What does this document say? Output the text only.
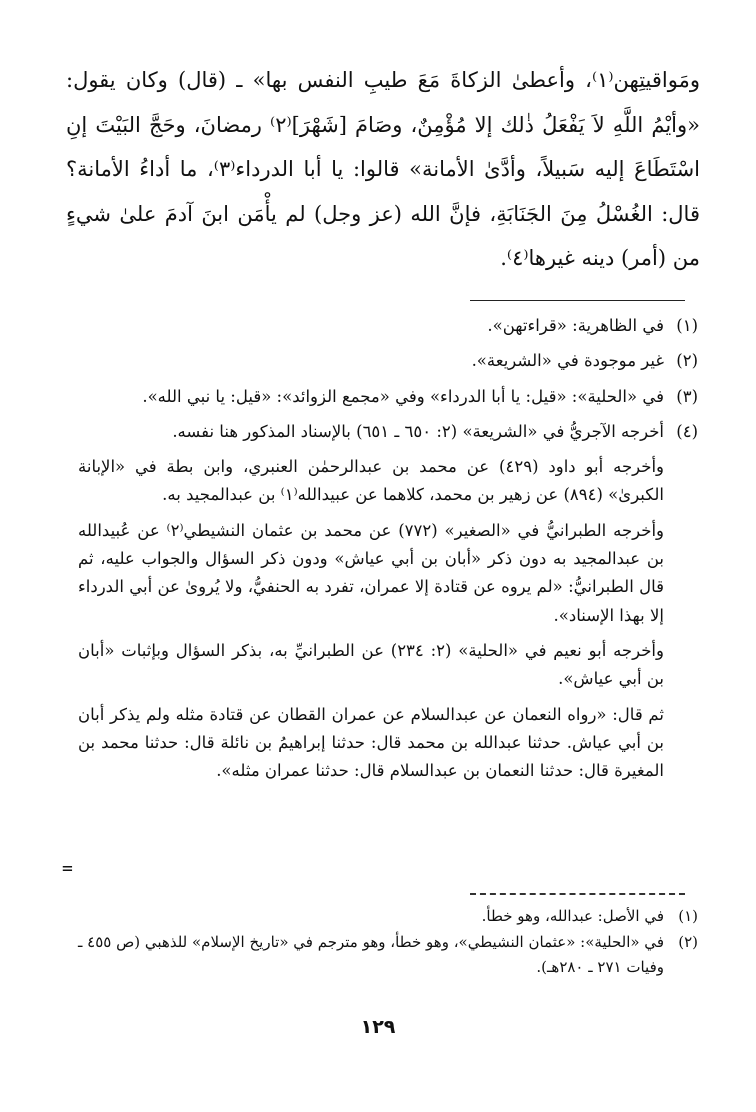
ومَواقيتِهن⁽١⁾، وأعطىٰ الزكاةَ مَعَ طيبِ النفس بها» ـ (قال) وكان يقول: «وأيْمُ اللَّهِ لاَ يَفْعَلُ ذٰلك إلا مُؤْمِنٌ، وصَامَ [شَهْرَ]⁽٢⁾ رمضانَ، وحَجَّ البَيْتَ إنِ اسْتَطَاعَ إليه سَبيلاً، وأدَّىٰ الأمانة» قالوا: يا أبا الدرداء⁽٣⁾، ما أداءُ الأمانة؟ قال: الغُسْلُ مِنَ الجَنَابَةِ، فإنَّ الله (عز وجل) لم يأْمَن ابنَ آدمَ علىٰ شيءٍ من (أمر) دينه غيرها⁽٤⁾.

(١)

في الظاهرية: «قراءتهن».

(٢)

غير موجودة في «الشريعة».

(٣)

في «الحلية»: «قيل: يا أبا الدرداء» وفي «مجمع الزوائد»: «قيل: يا نبي الله».

(٤)

أخرجه الآجريُّ في «الشريعة» (٢: ٦٥٠ ـ ٦٥١) بالإسناد المذكور هنا نفسه.

وأخرجه أبو داود (٤٢٩) عن محمد بن عبدالرحمٰن العنبري، وابن بطة في «الإبانة الكبرىٰ» (٨٩٤) عن زهير بن محمد، كلاهما عن عبيدالله⁽١⁾ بن عبدالمجيد به.

وأخرجه الطبرانيُّ في «الصغير» (٧٧٢) عن محمد بن عثمان النشيطي⁽٢⁾ عن عُبيدالله بن عبدالمجيد به دون ذكر «أبان بن أبي عياش» ودون ذكر السؤال والجواب عليه، ثم قال الطبرانيُّ: «لم يروه عن قتادة إلا عمران، تفرد به الحنفيُّ، ولا يُروىٰ عن أبي الدرداء إلا بهذا الإسناد».

وأخرجه أبو نعيم في «الحلية» (٢: ٢٣٤) عن الطبرانيِّ به، بذكر السؤال وبإثبات «أبان بن أبي عياش».

ثم قال: «رواه النعمان عن عبدالسلام عن عمران القطان عن قتادة مثله ولم يذكر أبان بن أبي عياش. حدثنا عبدالله بن محمد قال: حدثنا إبراهيمُ بن نائلة قال: حدثنا محمد بن المغيرة قال: حدثنا النعمان بن عبدالسلام قال: حدثنا عمران مثله».

=
(١)
في الأصل: عبدالله، وهو خطأ.
(٢)
في «الحلية»: «عثمان النشيطي»، وهو خطأ، وهو مترجم في «تاريخ الإسلام» للذهبي (ص ٤٥٥ ـ وفيات ٢٧١ ـ ٢٨٠هـ).
١٢٩
